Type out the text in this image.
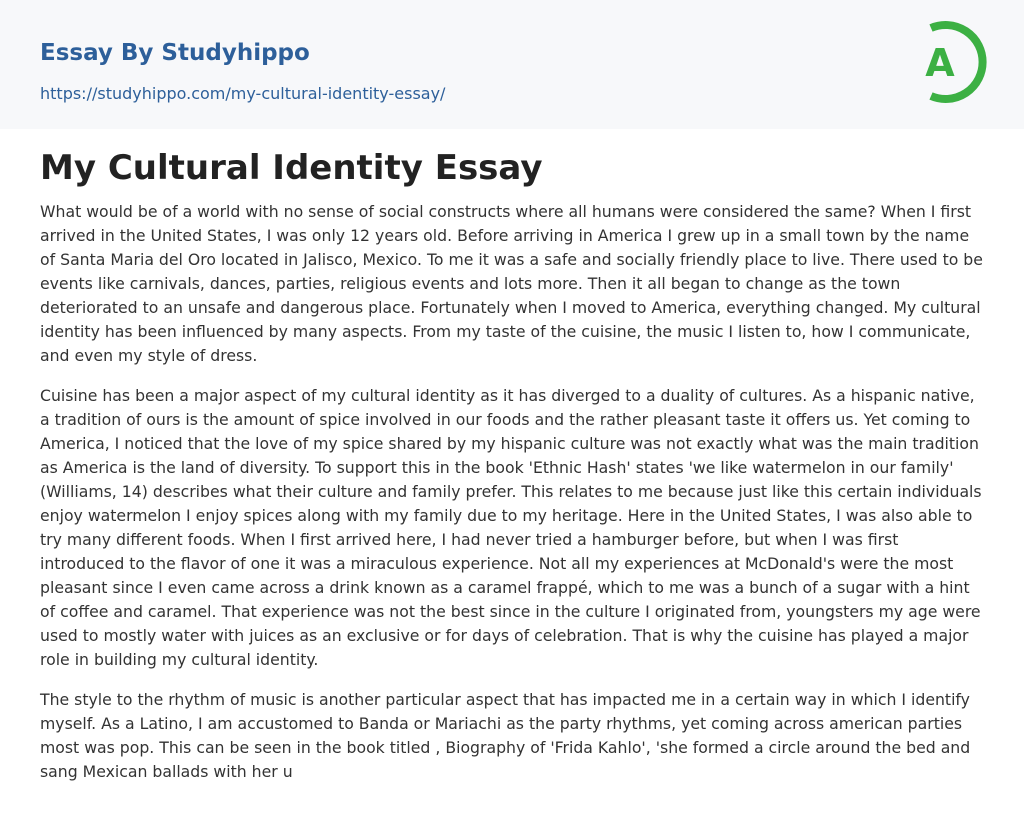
Essay By Studyhippo
https://studyhippo.com/my-cultural-identity-essay/
A
My Cultural Identity Essay

What would be of a world with no sense of social constructs where all humans were considered the same? When I first arrived in the United States, I was only 12 years old. Before arriving in America I grew up in a small town by the name of Santa Maria del Oro located in Jalisco, Mexico. To me it was a safe and socially friendly place to live. There used to be events like carnivals, dances, parties, religious events and lots more. Then it all began to change as the town deteriorated to an unsafe and dangerous place. Fortunately when I moved to America, everything changed. My cultural identity has been influenced by many aspects. From my taste of the cuisine, the music I listen to, how I communicate, and even my style of dress.

Cuisine has been a major aspect of my cultural identity as it has diverged to a duality of cultures. As a hispanic native, a tradition of ours is the amount of spice involved in our foods and the rather pleasant taste it offers us. Yet coming to America, I noticed that the love of my spice shared by my hispanic culture was not exactly what was the main tradition as America is the land of diversity. To support this in the book 'Ethnic Hash' states 'we like watermelon in our family' (Williams, 14) describes what their culture and family prefer. This relates to me because just like this certain individuals enjoy watermelon I enjoy spices along with my family due to my heritage. Here in the United States, I was also able to try many different foods. When I first arrived here, I had never tried a hamburger before, but when I was first introduced to the flavor of one it was a miraculous experience. Not all my experiences at McDonald's were the most pleasant since I even came across a drink known as a caramel frappé, which to me was a bunch of a sugar with a hint of coffee and caramel. That experience was not the best since in the culture I originated from, youngsters my age were used to mostly water with juices as an exclusive or for days of celebration. That is why the cuisine has played a major role in building my cultural identity.

The style to the rhythm of music is another particular aspect that has impacted me in a certain way in which I identify myself. As a Latino, I am accustomed to Banda or Mariachi as the party rhythms, yet coming across american parties most was pop. This can be seen in the book titled , Biography of 'Frida Kahlo', 'she formed a circle around the bed and sang Mexican ballads with her u
